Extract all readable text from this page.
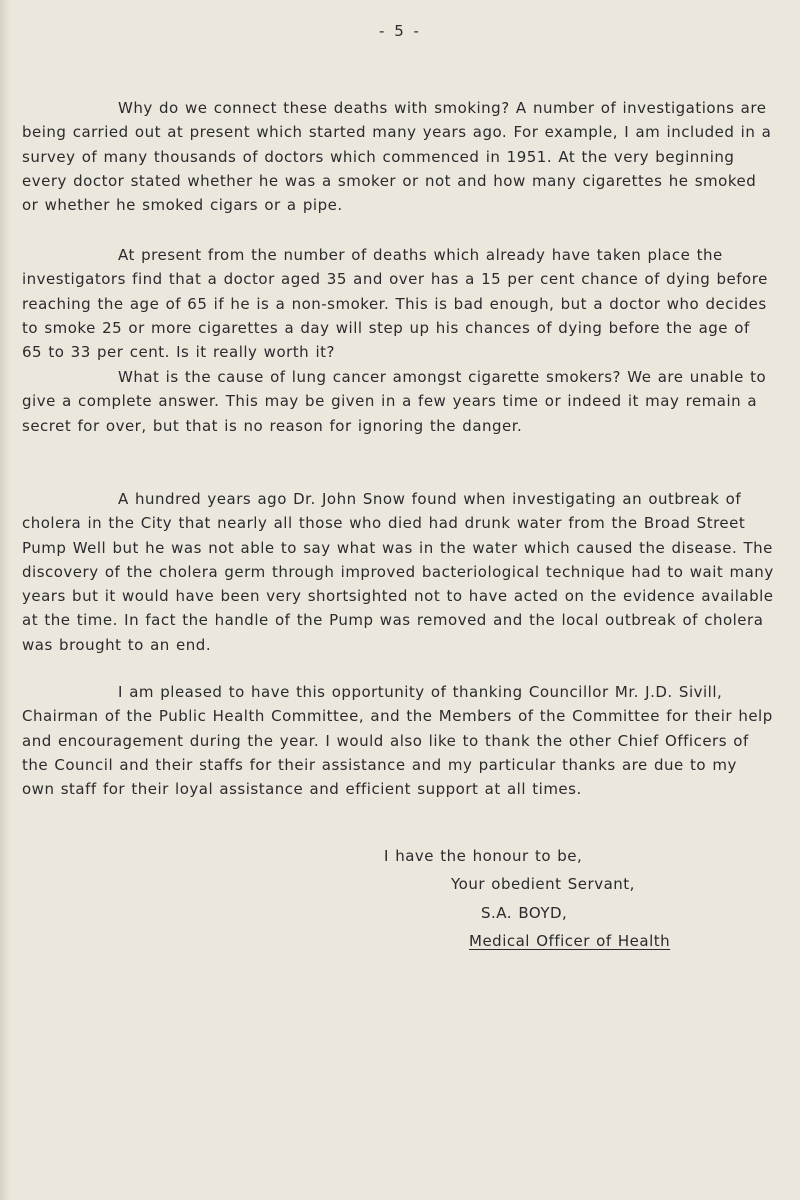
- 5 -

Why do we connect these deaths with smoking? A number of investigations are being carried out at present which started many years ago. For example, I am included in a survey of many thousands of doctors which commenced in 1951. At the very beginning every doctor stated whether he was a smoker or not and how many cigarettes he smoked or whether he smoked cigars or a pipe.

At present from the number of deaths which already have taken place the investigators find that a doctor aged 35 and over has a 15 per cent chance of dying before reaching the age of 65 if he is a non-smoker. This is bad enough, but a doctor who decides to smoke 25 or more cigarettes a day will step up his chances of dying before the age of 65 to 33 per cent. Is it really worth it?

What is the cause of lung cancer amongst cigarette smokers? We are unable to give a complete answer. This may be given in a few years time or indeed it may remain a secret for over, but that is no reason for ignoring the danger.

A hundred years ago Dr. John Snow found when investigating an outbreak of cholera in the City that nearly all those who died had drunk water from the Broad Street Pump Well but he was not able to say what was in the water which caused the disease. The discovery of the cholera germ through improved bacteriological technique had to wait many years but it would have been very shortsighted not to have acted on the evidence available at the time. In fact the handle of the Pump was removed and the local outbreak of cholera was brought to an end.

I am pleased to have this opportunity of thanking Councillor Mr. J.D. Sivill, Chairman of the Public Health Committee, and the Members of the Committee for their help and encouragement during the year. I would also like to thank the other Chief Officers of the Council and their staffs for their assistance and my particular thanks are due to my own staff for their loyal assistance and efficient support at all times.

I have the honour to be,

Your obedient Servant,

S.A. BOYD,

Medical Officer of Health
